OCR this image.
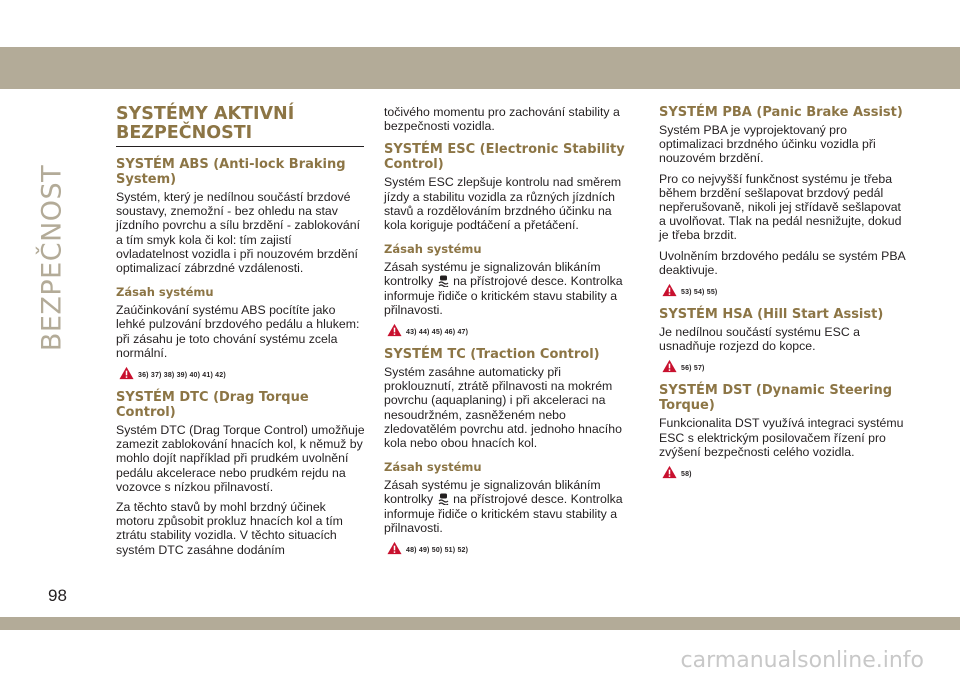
BEZPEČNOST
SYSTÉMY AKTIVNÍ BEZPEČNOSTI
SYSTÉM ABS (Anti-lock Braking System)

Systém, který je nedílnou součástí brzdové soustavy, znemožní - bez ohledu na stav jízdního povrchu a sílu brzdění - zablokování a tím smyk kola či kol: tím zajistí ovladatelnost vozidla i při nouzovém brzdění optimalizací zábrzdné vzdálenosti.

Zásah systému

Zaúčinkování systému ABS pocítíte jako lehké pulzování brzdového pedálu a hlukem: při zásahu je toto chování systému zcela normální.

36) 37) 38) 39) 40) 41) 42)
SYSTÉM DTC (Drag Torque Control)

Systém DTC (Drag Torque Control) umožňuje zamezit zablokování hnacích kol, k němuž by mohlo dojít například při prudkém uvolnění pedálu akcelerace nebo prudkém rejdu na vozovce s nízkou přilnavostí.

Za těchto stavů by mohl brzdný účinek motoru způsobit prokluz hnacích kol a tím ztrátu stability vozidla. V těchto situacích systém DTC zasáhne dodáním

točivého momentu pro zachování stability a bezpečnosti vozidla.

SYSTÉM ESC (Electronic Stability Control)

Systém ESC zlepšuje kontrolu nad směrem jízdy a stabilitu vozidla za různých jízdních stavů a rozdělováním brzdného účinku na kola koriguje podtáčení a přetáčení.

Zásah systému

Zásah systému je signalizován blikáním kontrolky na přístrojové desce. Kontrolka informuje řidiče o kritickém stavu stability a přilnavosti.

43) 44) 45) 46) 47)
SYSTÉM TC (Traction Control)

Systém zasáhne automaticky při proklouznutí, ztrátě přilnavosti na mokrém povrchu (aquaplaning) i při akceleraci na nesoudržném, zasněženém nebo zledovatělém povrchu atd. jednoho hnacího kola nebo obou hnacích kol.

Zásah systému

Zásah systému je signalizován blikáním kontrolky na přístrojové desce. Kontrolka informuje řidiče o kritickém stavu stability a přilnavosti.

48) 49) 50) 51) 52)
SYSTÉM PBA (Panic Brake Assist)

Systém PBA je vyprojektovaný pro optimalizaci brzdného účinku vozidla při nouzovém brzdění.

Pro co nejvyšší funkčnost systému je třeba během brzdění sešlapovat brzdový pedál nepřerušovaně, nikoli jej střídavě sešlapovat a uvolňovat. Tlak na pedál nesnižujte, dokud je třeba brzdit.

Uvolněním brzdového pedálu se systém PBA deaktivuje.

53) 54) 55)
SYSTÉM HSA (Hill Start Assist)

Je nedílnou součástí systému ESC a usnadňuje rozjezd do kopce.

56) 57)
SYSTÉM DST (Dynamic Steering Torque)

Funkcionalita DST využívá integraci systému ESC s elektrickým posilovačem řízení pro zvýšení bezpečnosti celého vozidla.

58)
98
carmanualsonline.info
